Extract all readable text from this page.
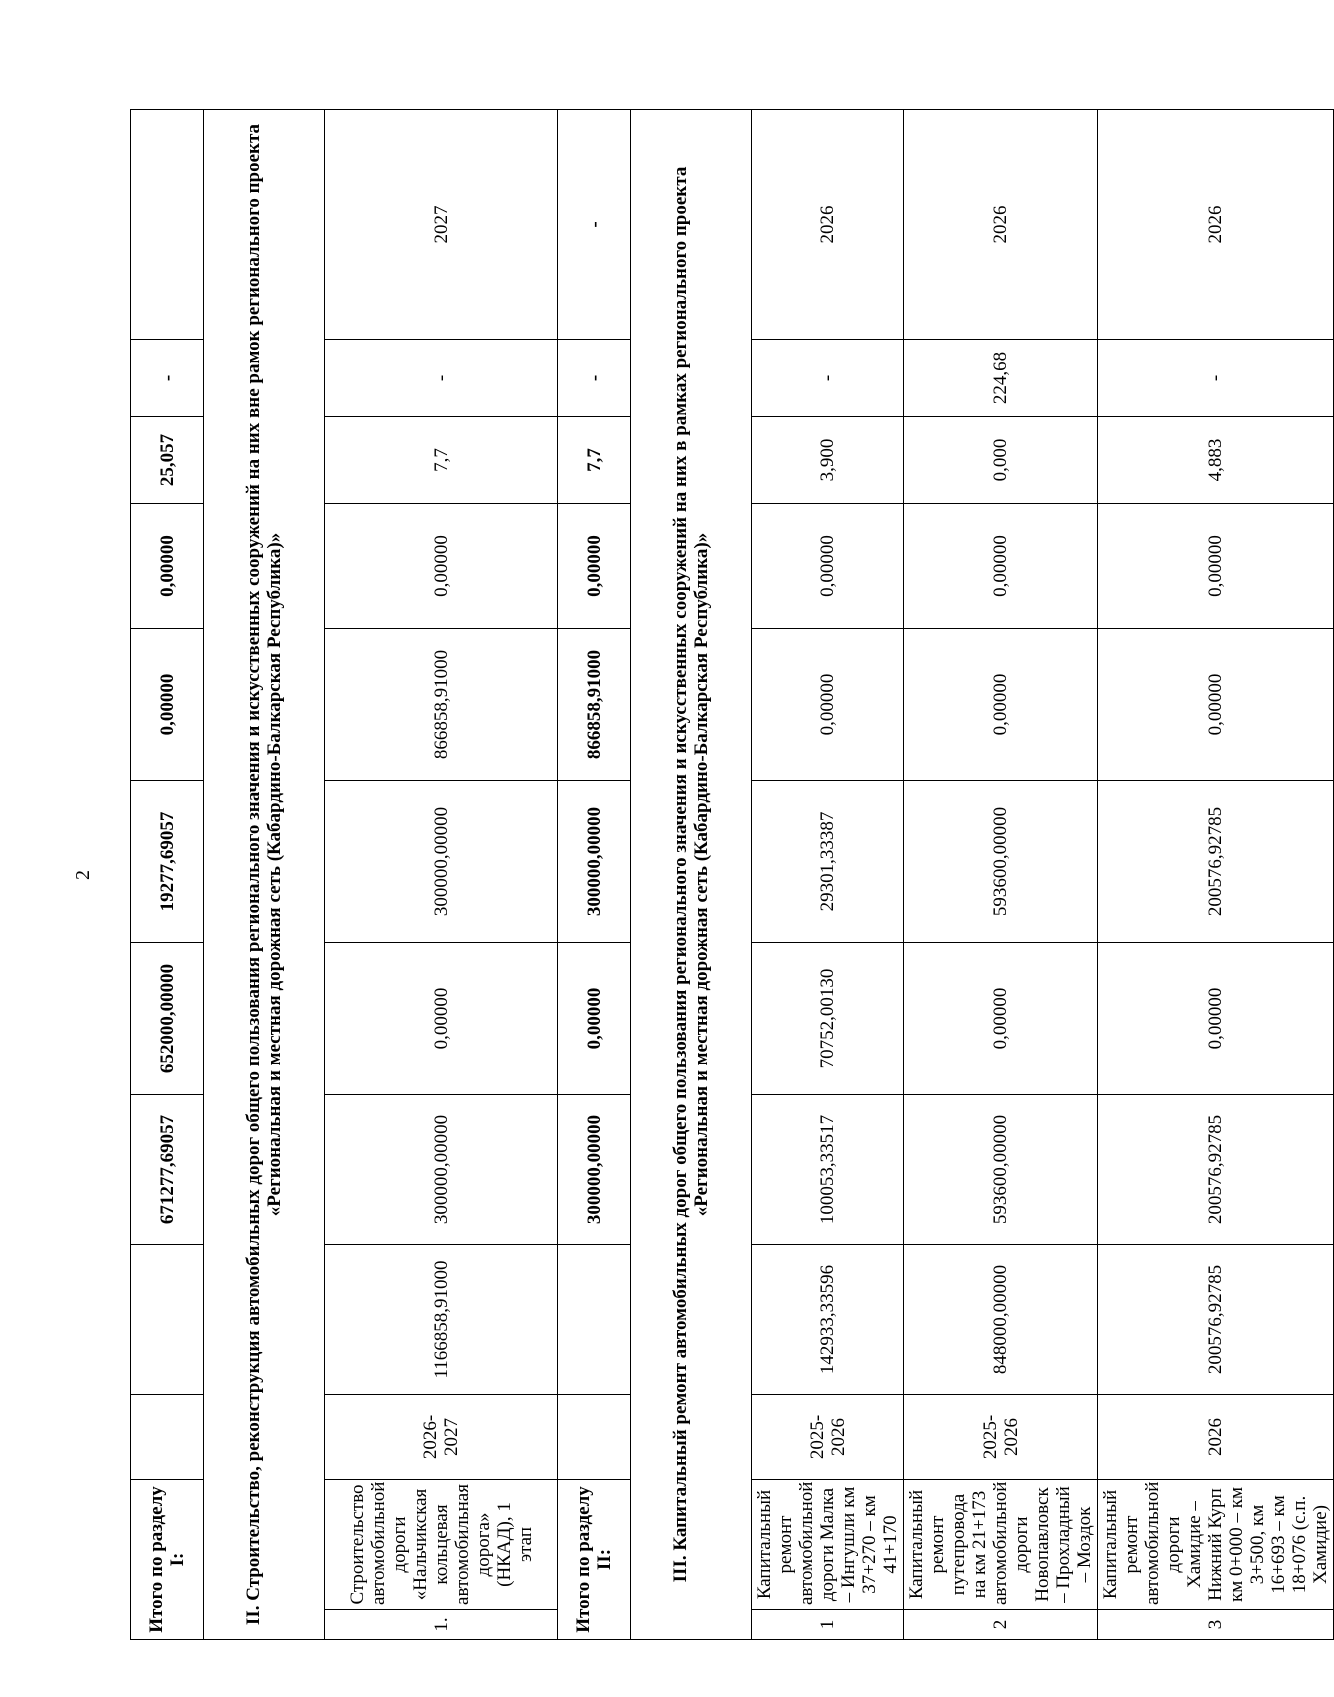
2
Итого по разделу I:				671277,69057	652000,00000	19277,69057	0,00000	0,00000	25,057	-	
II. Строительство, реконструкция автомобильных дорог общего пользования регионального значения и искусственных сооружений на них вне рамок регионального проекта «Региональная и местная дорожная сеть (Кабардино-Балкарская Республика)»											
1.	Строительство автомобильной дороги «Нальчикская кольцевая автомобильная дорога» (НКАД), 1 этап	2026-2027	1166858,91000	300000,00000	0,00000	300000,00000	866858,91000	0,00000	7,7	-	2027
Итого по разделу II:				300000,00000	0,00000	300000,00000	866858,91000	0,00000	7,7	-	-
III. Капитальный ремонт автомобильных дорог общего пользования регионального значения и искусственных сооружений на них в рамках регионального проекта «Региональная и местная дорожная сеть (Кабардино-Балкарская Республика)»											
1	Капитальный ремонт автомобильной дороги Малка – Ингушли км 37+270 – км 41+170	2025-2026	142933,33596	100053,33517	70752,00130	29301,33387	0,00000	0,00000	3,900	-	2026
2	Капитальный ремонт путепровода на км 21+173 автомобильной дороги Новопавловск – Прохладный – Моздок	2025-2026	848000,00000	593600,00000	0,00000	593600,00000	0,00000	0,00000	0,000	224,68	2026
3	Капитальный ремонт автомобильной дороги Хамидие – Нижний Курп км 0+000 – км 3+500, км 16+693 – км 18+076 (с.п. Хамидие)	2026	200576,92785	200576,92785	0,00000	200576,92785	0,00000	0,00000	4,883	-	2026
